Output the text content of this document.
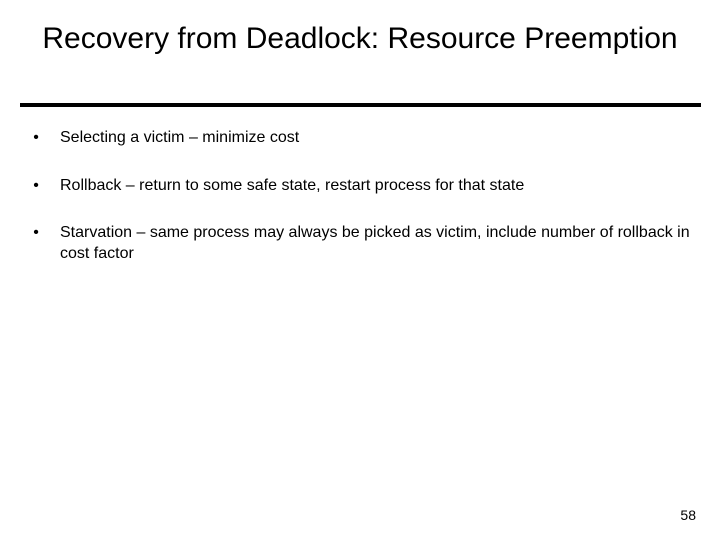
Recovery from Deadlock: Resource Preemption
• Selecting a victim – minimize cost
• Rollback – return to some safe state, restart process for that state
• Starvation – same process may always be picked as victim, include number of rollback in cost factor
58
